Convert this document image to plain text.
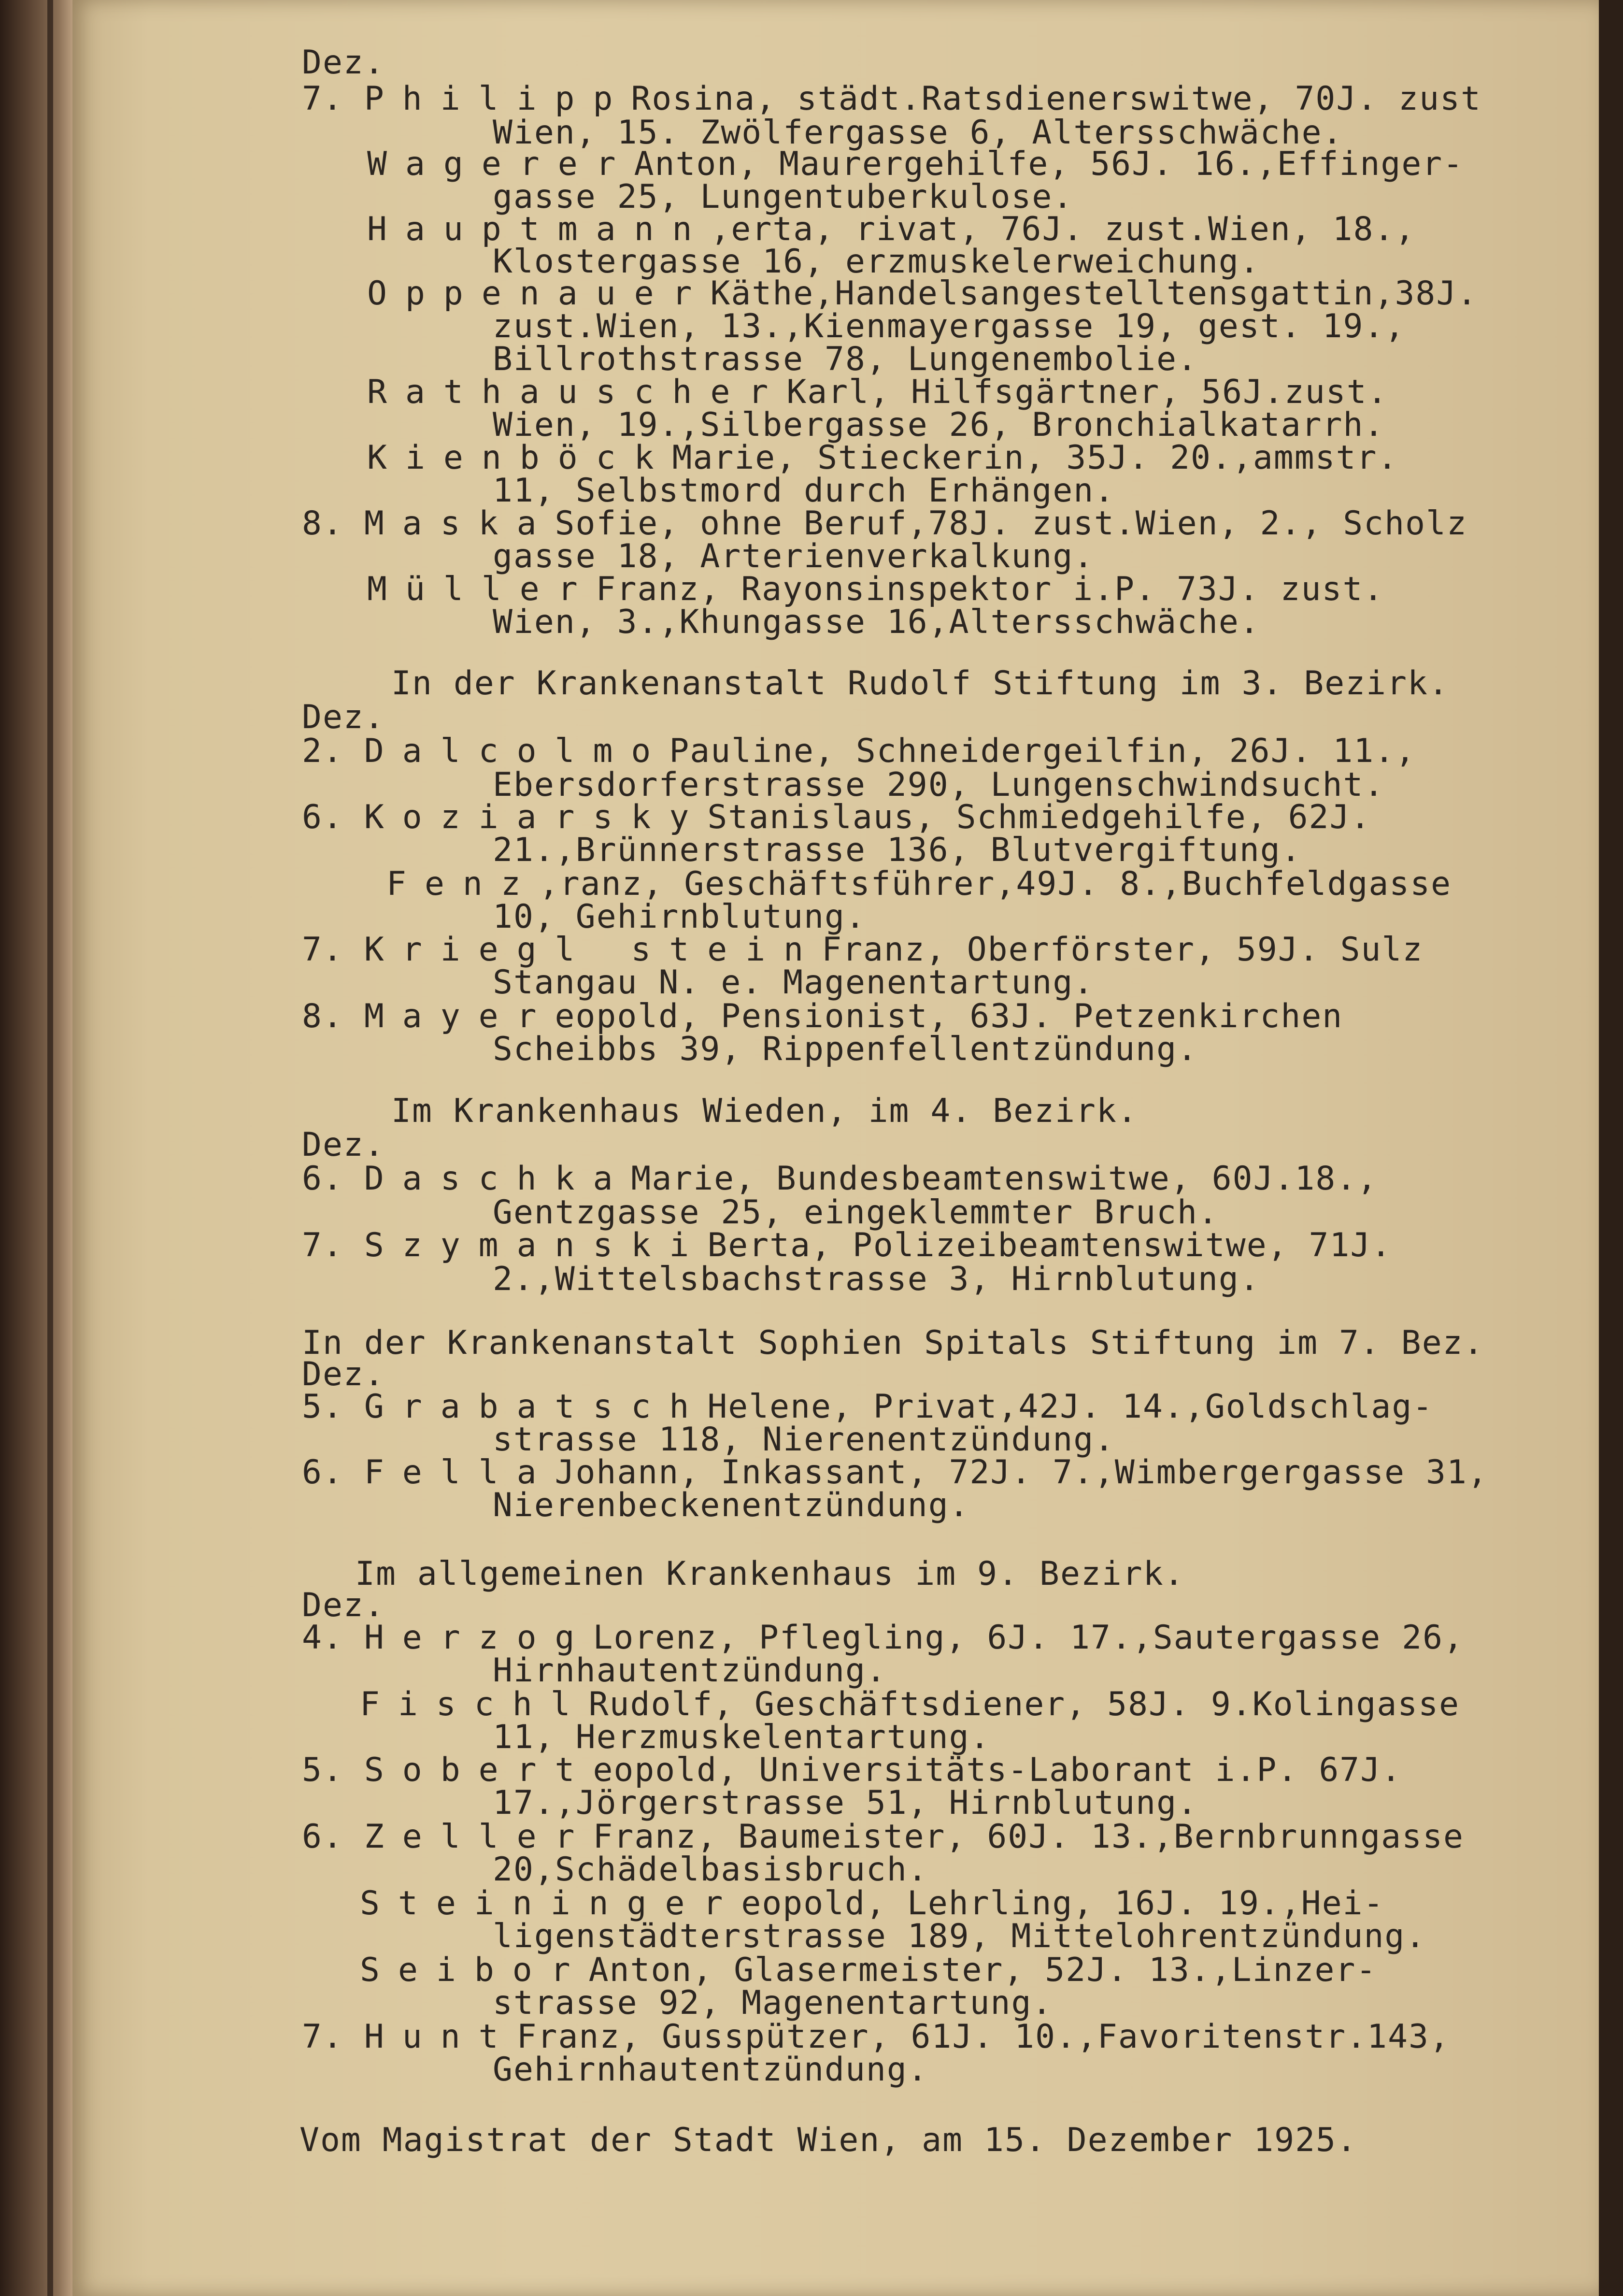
Dez.
7. PhilippRosina, städt.Ratsdienerswitwe, 70J. zust
Wien, 15. Zwölfergasse 6, Altersschwäche.
WagererAnton, Maurergehilfe, 56J. 16.,Effinger-
gasse 25, Lungentuberkulose.
Hauptmann,erta, rivat, 76J. zust.Wien, 18.,
Klostergasse 16, erzmuskelerweichung.
OppenauerKäthe,Handelsangestelltensgattin,38J.
zust.Wien, 13.,Kienmayergasse 19, gest. 19.,
Billrothstrasse 78, Lungenembolie.
RathauscherKarl, Hilfsgärtner, 56J.zust.
Wien, 19.,Silbergasse 26, Bronchialkatarrh.
KienböckMarie, Stieckerin, 35J. 20.,ammstr.
11, Selbstmord durch Erhängen.
8. MaskaSofie, ohne Beruf,78J. zust.Wien, 2., Scholz
gasse 18, Arterienverkalkung.
MüllerFranz, Rayonsinspektor i.P. 73J. zust.
Wien, 3.,Khungasse 16,Altersschwäche.
In der Krankenanstalt Rudolf Stiftung im 3. Bezirk.
Dez.
2. DalcolmoPauline, Schneidergeilfin, 26J. 11.,
Ebersdorferstrasse 290, Lungenschwindsucht.
6. KoziarskyStanislaus, Schmiedgehilfe, 62J.
21.,Brünnerstrasse 136, Blutvergiftung.
Fenz,ranz, Geschäftsführer,49J. 8.,Buchfeldgasse
10, Gehirnblutung.
7. Kriegl steinFranz, Oberförster, 59J. Sulz
Stangau N. e. Magenentartung.
8. Mayereopold, Pensionist, 63J. Petzenkirchen
Scheibbs 39, Rippenfellentzündung.
Im Krankenhaus Wieden, im 4. Bezirk.
Dez.
6. DaschkaMarie, Bundesbeamtenswitwe, 60J.18.,
Gentzgasse 25, eingeklemmter Bruch.
7. SzymanskiBerta, Polizeibeamtenswitwe, 71J.
2.,Wittelsbachstrasse 3, Hirnblutung.
In der Krankenanstalt Sophien Spitals Stiftung im 7. Bez.
Dez.
5. GrabatschHelene, Privat,42J. 14.,Goldschlag-
strasse 118, Nierenentzündung.
6. FellaJohann, Inkassant, 72J. 7.,Wimbergergasse 31,
Nierenbeckenentzündung.
Im allgemeinen Krankenhaus im 9. Bezirk.
Dez.
4. HerzogLorenz, Pflegling, 6J. 17.,Sautergasse 26,
Hirnhautentzündung.
FischlRudolf, Geschäftsdiener, 58J. 9.Kolingasse
11, Herzmuskelentartung.
5. Soberteopold, Universitäts-Laborant i.P. 67J.
17.,Jörgerstrasse 51, Hirnblutung.
6. ZellerFranz, Baumeister, 60J. 13.,Bernbrunngasse
20,Schädelbasisbruch.
Steiningereopold, Lehrling, 16J. 19.,Hei-
ligenstädterstrasse 189, Mittelohrentzündung.
SeiborAnton, Glasermeister, 52J. 13.,Linzer-
strasse 92, Magenentartung.
7. HuntFranz, Gusspützer, 61J. 10.,Favoritenstr.143,
Gehirnhautentzündung.
Vom Magistrat der Stadt Wien, am 15. Dezember 1925.
